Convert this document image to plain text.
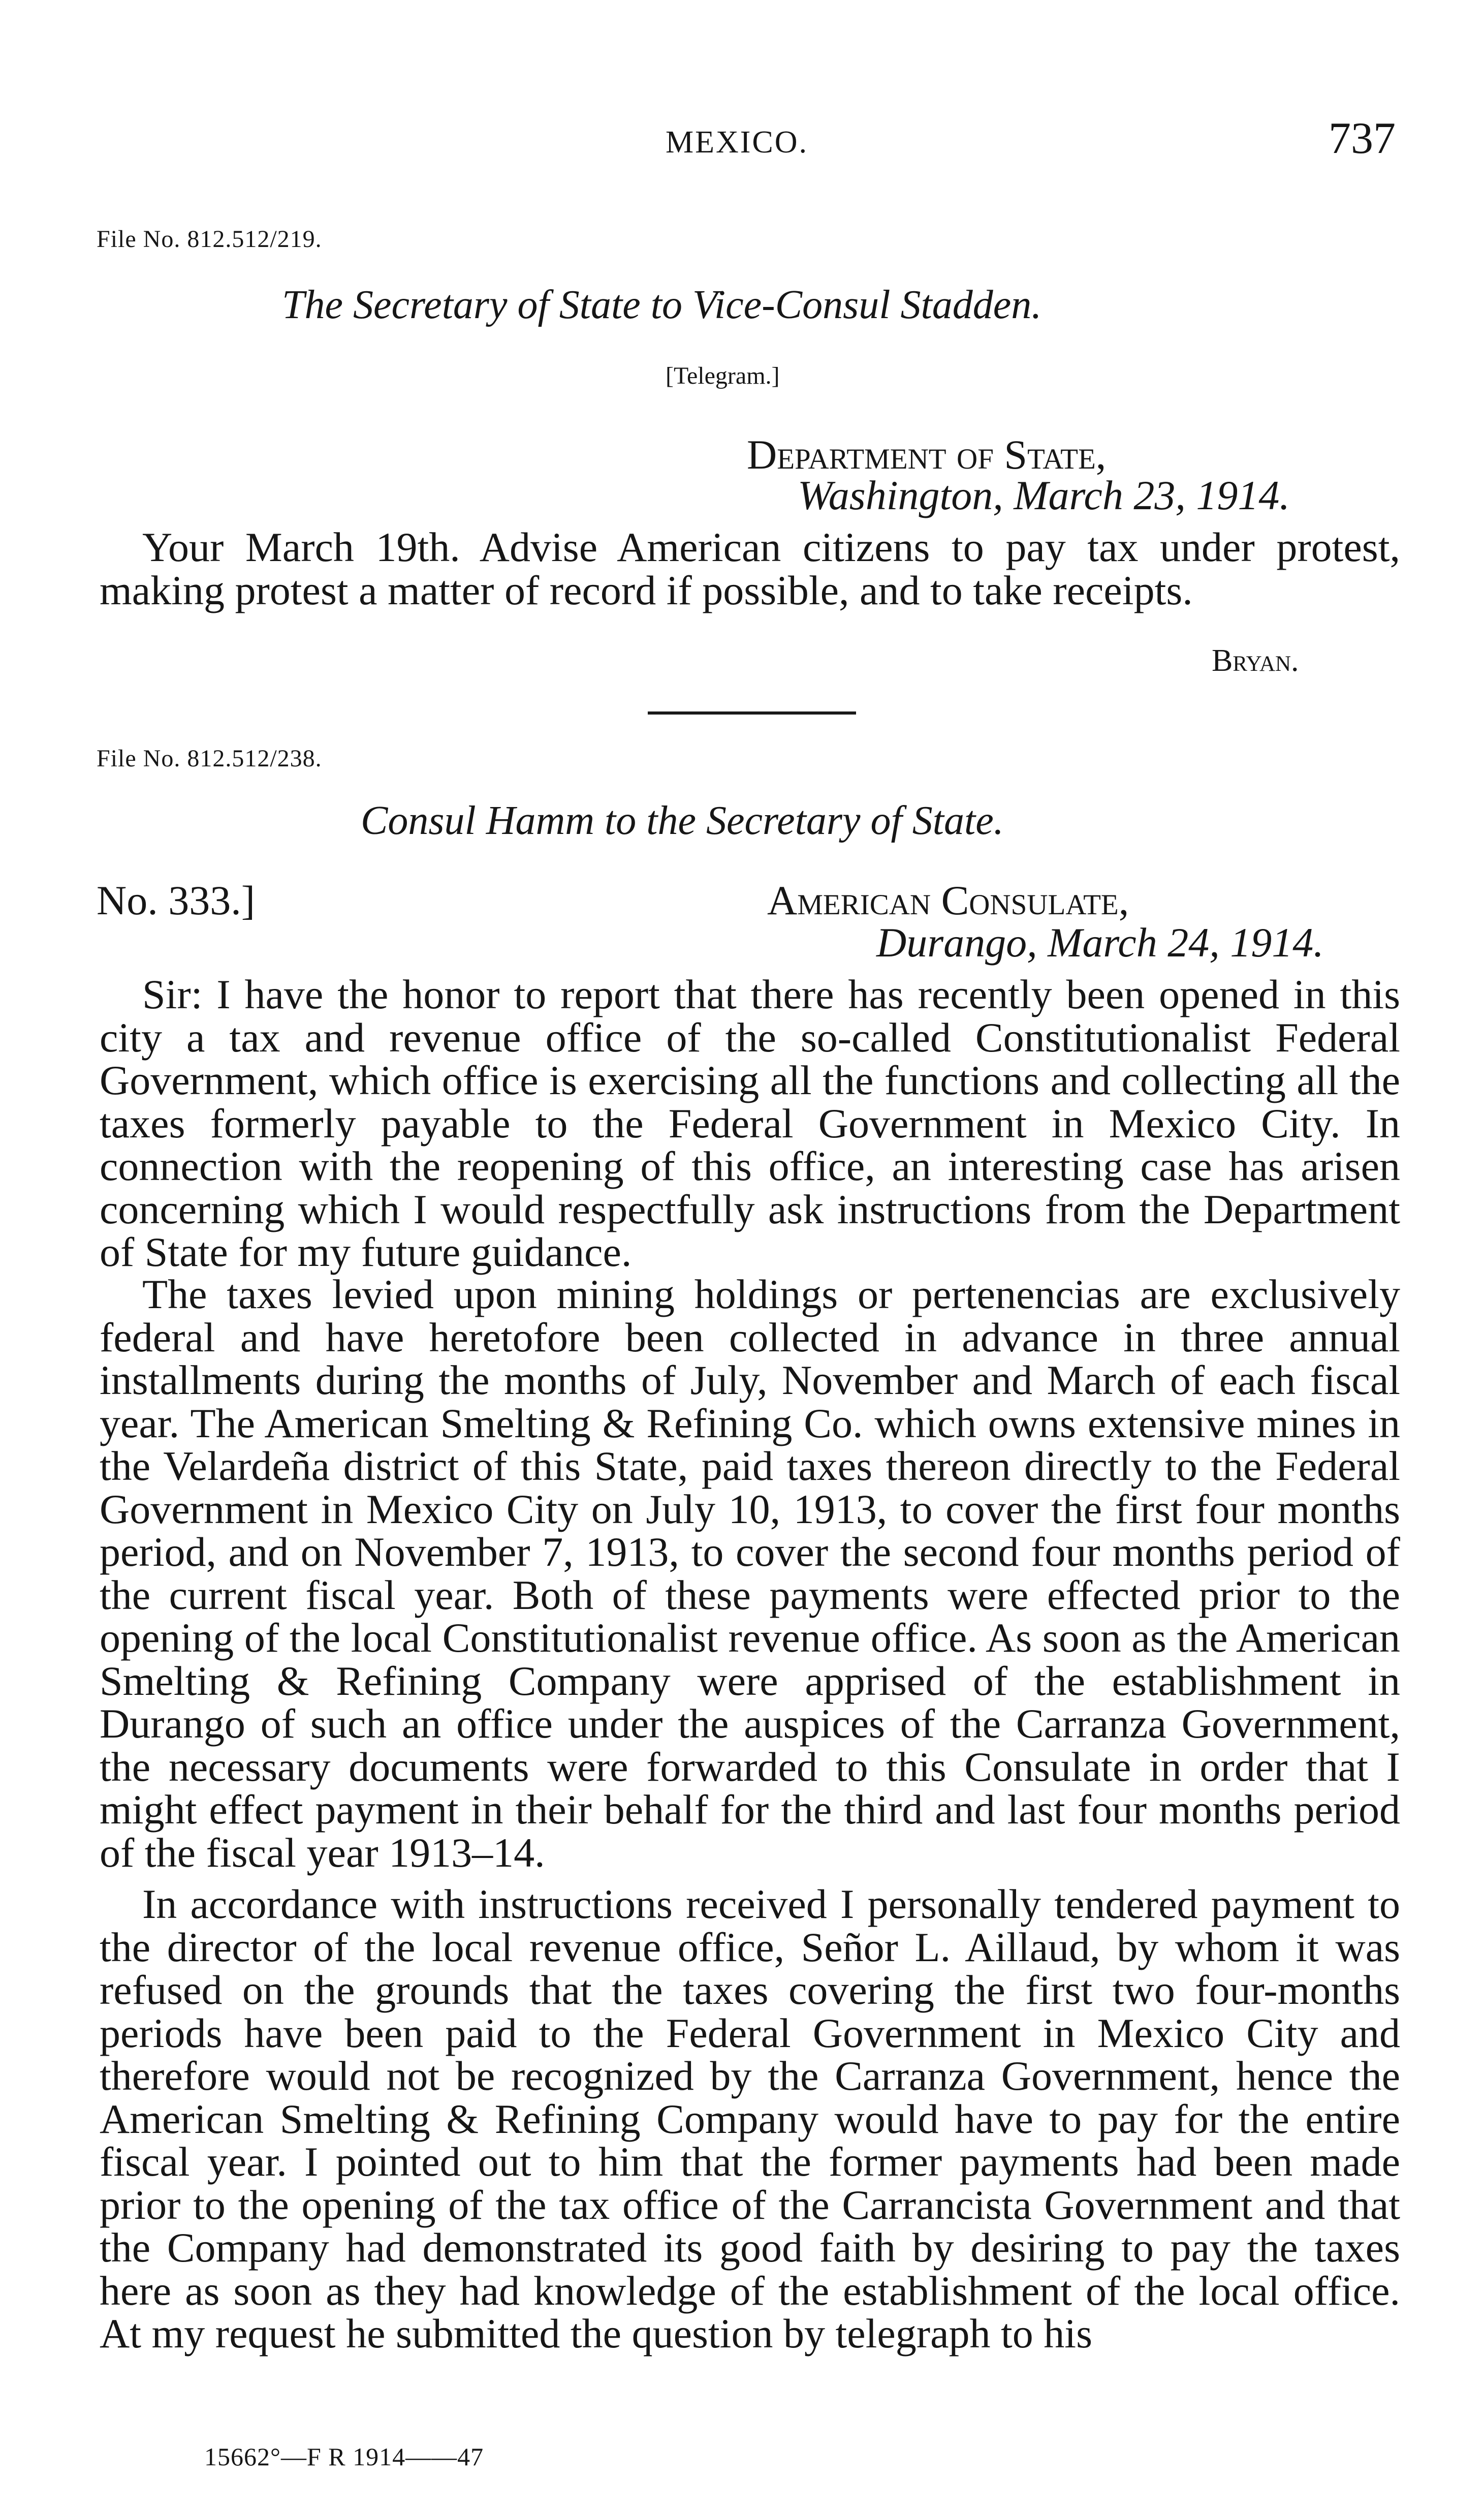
MEXICO.	737
File No. 812.512/219.
The Secretary of State to Vice-Consul Stadden.
[Telegram.]
Department of State,
Washington, March 23, 1914.
Your March 19th. Advise American citizens to pay tax under protest, making protest a matter of record if possible, and to take receipts.
Bryan.
File No. 812.512/238.
Consul Hamm to the Secretary of State.
No. 333.]	American Consulate,
Durango, March 24, 1914.
Sir: I have the honor to report that there has recently been opened in this city a tax and revenue office of the so-called Constitutionalist Federal Government, which office is exercising all the functions and collecting all the taxes formerly payable to the Federal Government in Mexico City. In connection with the reopening of this office, an interesting case has arisen concerning which I would respectfully ask instructions from the Department of State for my future guidance.
The taxes levied upon mining holdings or pertenencias are exclusively federal and have heretofore been collected in advance in three annual installments during the months of July, November and March of each fiscal year. The American Smelting & Refining Co. which owns extensive mines in the Velardeña district of this State, paid taxes thereon directly to the Federal Government in Mexico City on July 10, 1913, to cover the first four months period, and on November 7, 1913, to cover the second four months period of the current fiscal year. Both of these payments were effected prior to the opening of the local Constitutionalist revenue office. As soon as the American Smelting & Refining Company were apprised of the establishment in Durango of such an office under the auspices of the Carranza Government, the necessary documents were forwarded to this Consulate in order that I might effect payment in their behalf for the third and last four months period of the fiscal year 1913–14.
In accordance with instructions received I personally tendered payment to the director of the local revenue office, Señor L. Aillaud, by whom it was refused on the grounds that the taxes covering the first two four-months periods have been paid to the Federal Government in Mexico City and therefore would not be recognized by the Carranza Government, hence the American Smelting & Refining Company would have to pay for the entire fiscal year. I pointed out to him that the former payments had been made prior to the opening of the tax office of the Carrancista Government and that the Company had demonstrated its good faith by desiring to pay the taxes here as soon as they had knowledge of the establishment of the local office. At my request he submitted the question by telegraph to his
15662°—F R 1914——47
